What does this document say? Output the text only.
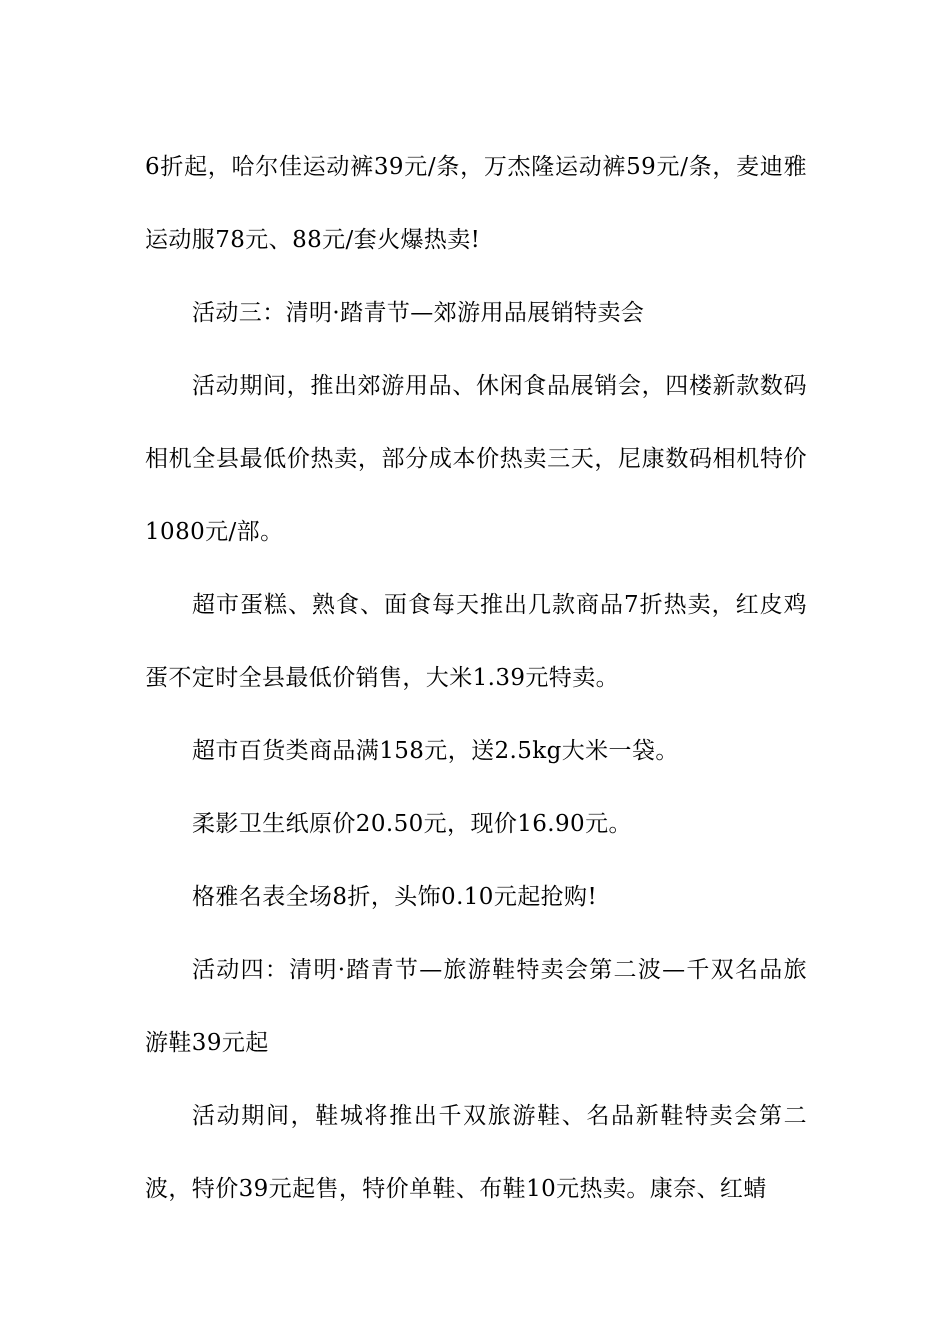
6折起，哈尔佳运动裤39元/条，万杰隆运动裤59元/条，麦迪雅运动服78元、88元/套火爆热卖!

活动三：清明·踏青节—郊游用品展销特卖会

活动期间，推出郊游用品、休闲食品展销会，四楼新款数码相机全县最低价热卖，部分成本价热卖三天，尼康数码相机特价1080元/部。

超市蛋糕、熟食、面食每天推出几款商品7折热卖，红皮鸡蛋不定时全县最低价销售，大米1.39元特卖。

超市百货类商品满158元，送2.5kg大米一袋。

柔影卫生纸原价20.50元，现价16.90元。

格雅名表全场8折，头饰0.10元起抢购!

活动四：清明·踏青节—旅游鞋特卖会第二波—千双名品旅游鞋39元起

活动期间，鞋城将推出千双旅游鞋、名品新鞋特卖会第二波，特价39元起售，特价单鞋、布鞋10元热卖。康奈、红蜻
